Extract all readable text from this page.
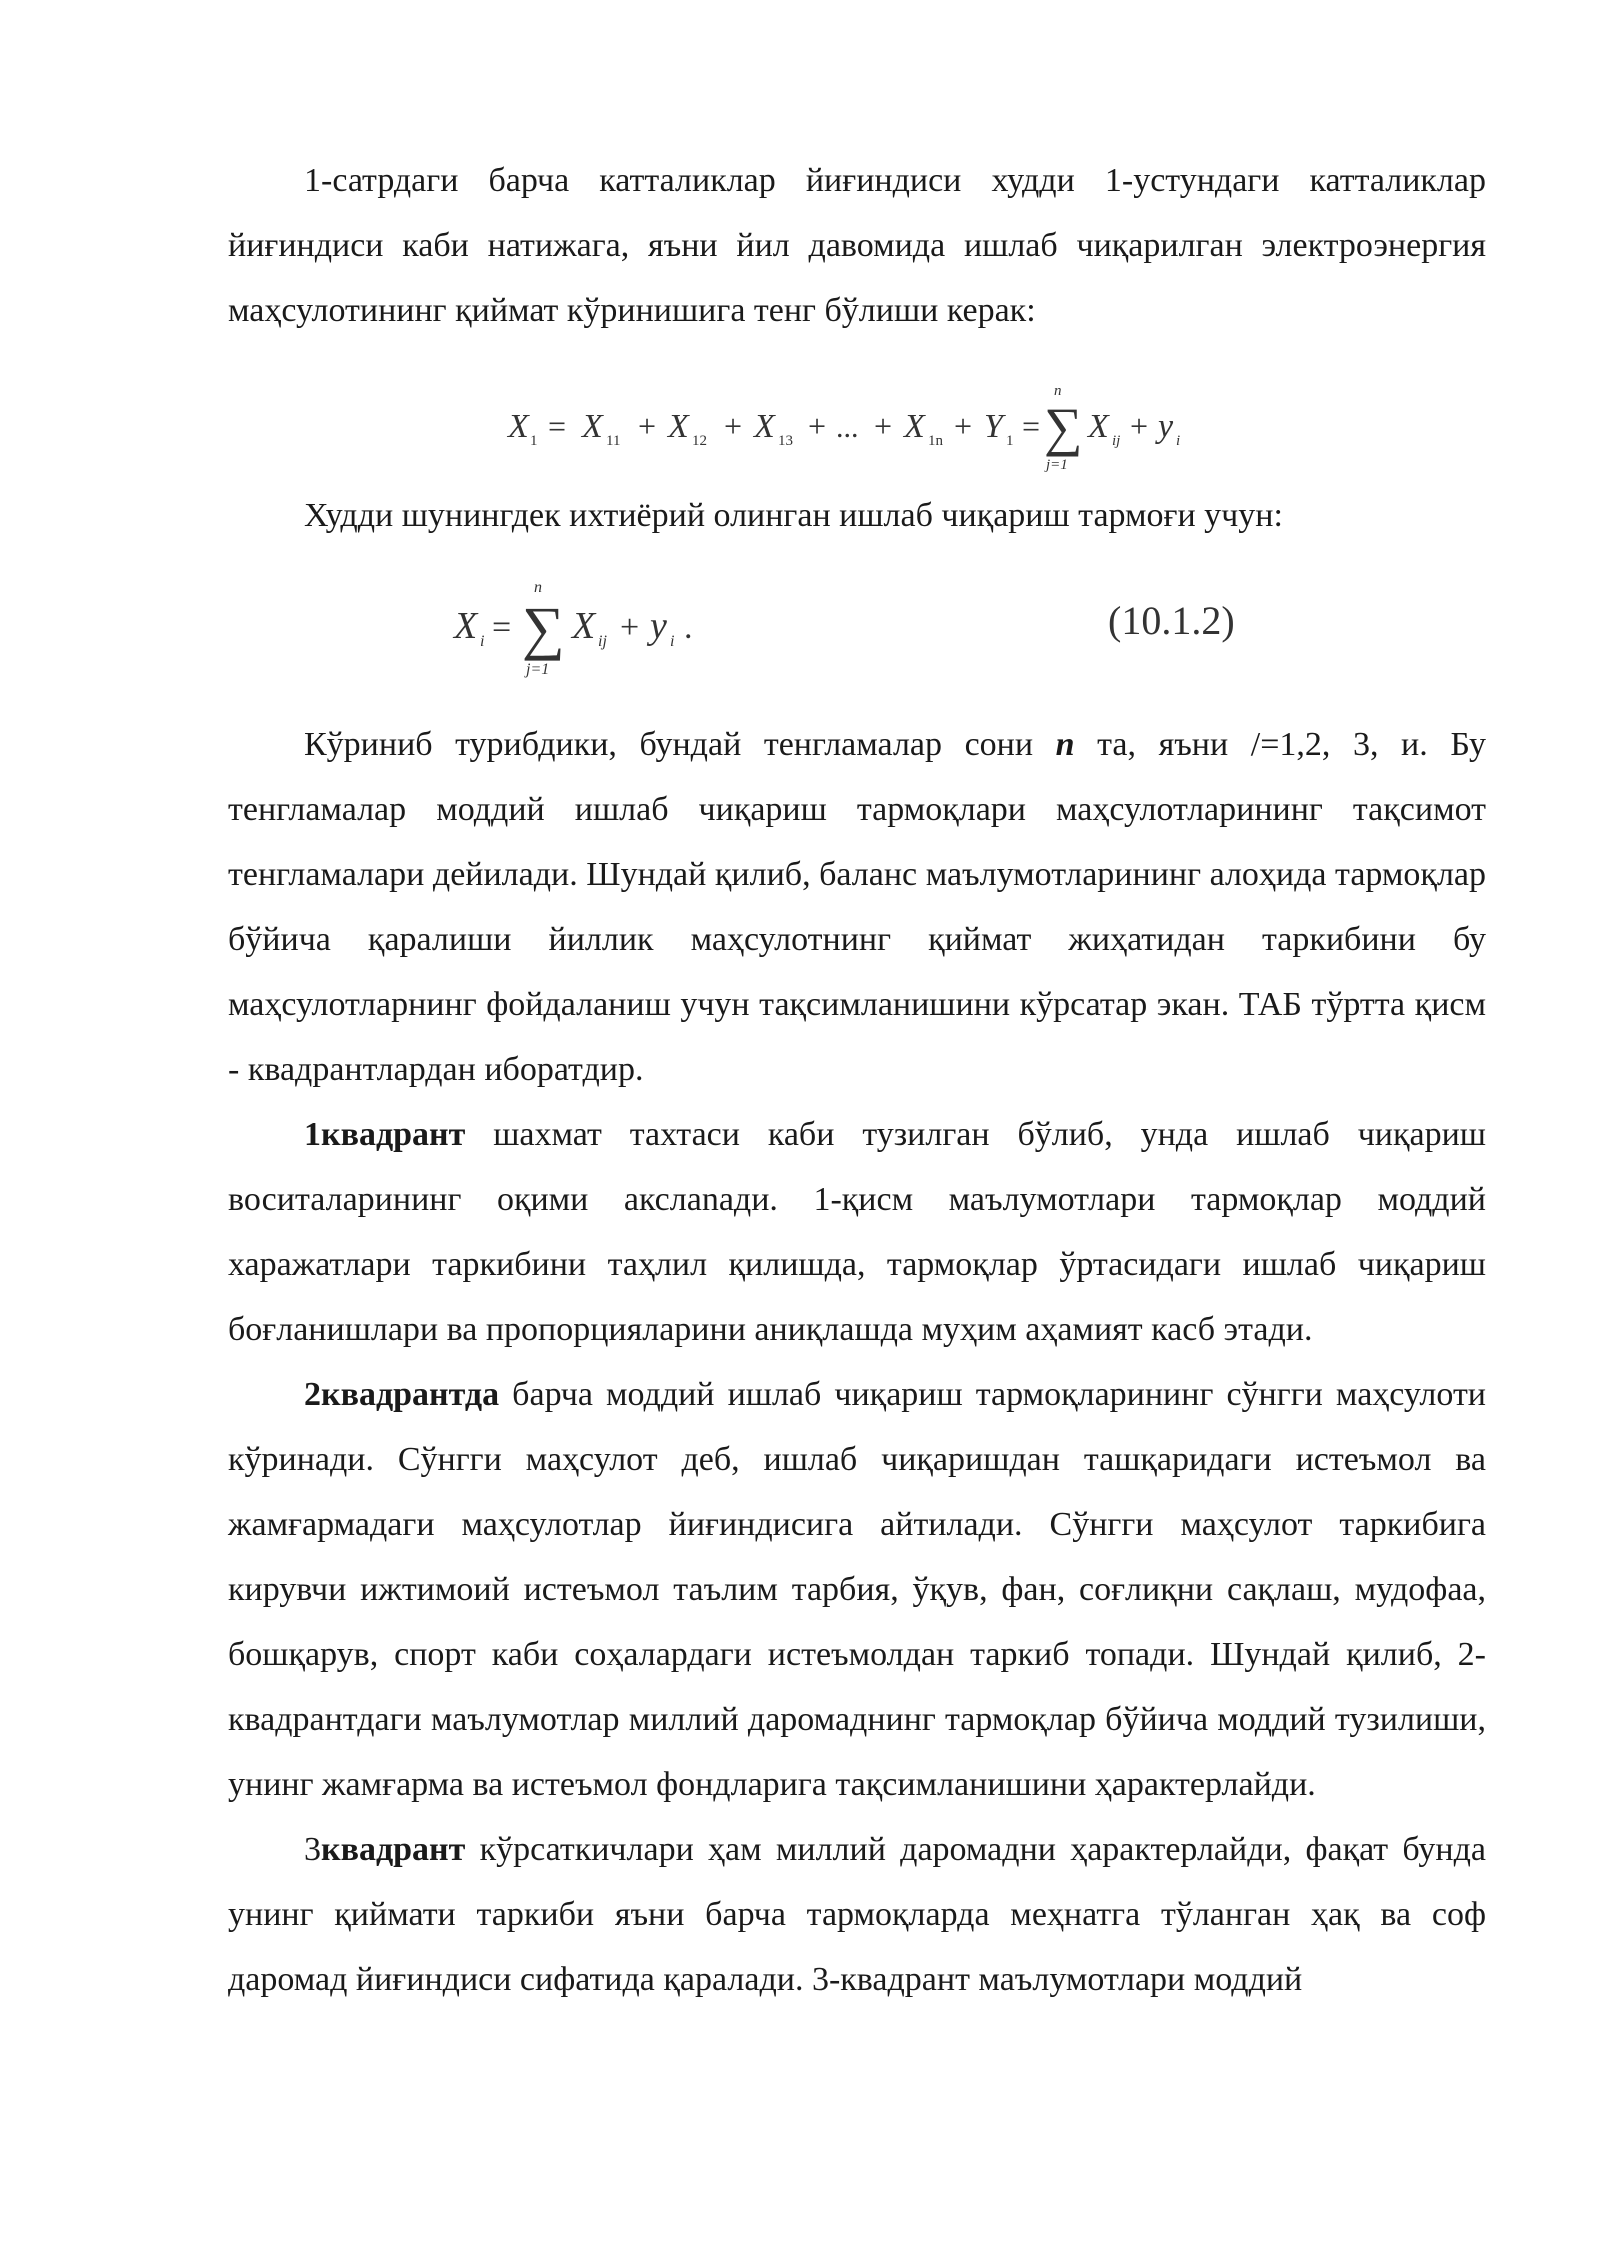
1-сатрдаги барча катталиклар йиғиндиси худди 1-устундаги катталиклар йиғиндиси каби натижага, яъни йил давомида ишлаб чиқарилган электроэнергия маҳсулотининг қиймат кўринишига тенг бўлиши керак:

X 1 = X 11 + X 12 + X 13 + ... + X 1n + Y 1 =
n
∑
j=1
X ij + y i

Худди шунингдек ихтиёрий олинган ишлаб чиқариш тармоғи учун:

X i =
n
∑
j=1
X ij + y i .	(10.1.2)

Кўриниб турибдики, бундай тенгламалар сони n та, яъни /=1,2, 3, и. Бу тенгламалар моддий ишлаб чиқариш тармоқлари маҳсулотларининг тақсимот тенгламалари дейилади. Шундай қилиб, баланс маълумотларининг алоҳида тармоқлар бўйича қаралиши йиллик маҳсулотнинг қиймат жиҳатидан таркибини бу маҳсулотларнинг фойдаланиш учун тақсимланишини кўрсатар экан. ТАБ тўртта қисм - квадрантлардан иборатдир.

1квадрант шахмат тахтаси каби тузилган бўлиб, унда ишлаб чиқариш воситаларининг оқими акслanади. 1-қисм маълумотлари тармоқлар моддий харажатлари таркибини таҳлил қилишда, тармоқлар ўртасидаги ишлаб чиқариш боғланишлари ва пропорцияларини аниқлашда муҳим аҳамият касб этади.

2квадрантда барча моддий ишлаб чиқариш тармоқларининг сўнгги маҳсулоти кўринади. Сўнгги маҳсулот деб, ишлаб чиқаришдан ташқаридаги истеъмол ва жамғармадаги маҳсулотлар йиғиндисига айтилади. Сўнгги маҳсулот таркибига кирувчи ижтимоий истеъмол таълим тарбия, ўқув, фан, соғлиқни сақлаш, мудофаа, бошқарув, спорт каби соҳалардаги истеъмолдан таркиб топади. Шундай қилиб, 2-квадрантдаги маълумотлар миллий даромаднинг тармоқлар бўйича моддий тузилиши, унинг жамғарма ва истеъмол фондларига тақсимланишини ҳарактерлайди.

3квадрант кўрсаткичлари ҳам миллий даромадни ҳарактерлайди, фақат бунда унинг қиймати таркиби яъни барча тармоқларда меҳнатга тўланган ҳақ ва соф даромад йиғиндиси сифатида қаралади. 3-квадрант маълумотлари моддий
